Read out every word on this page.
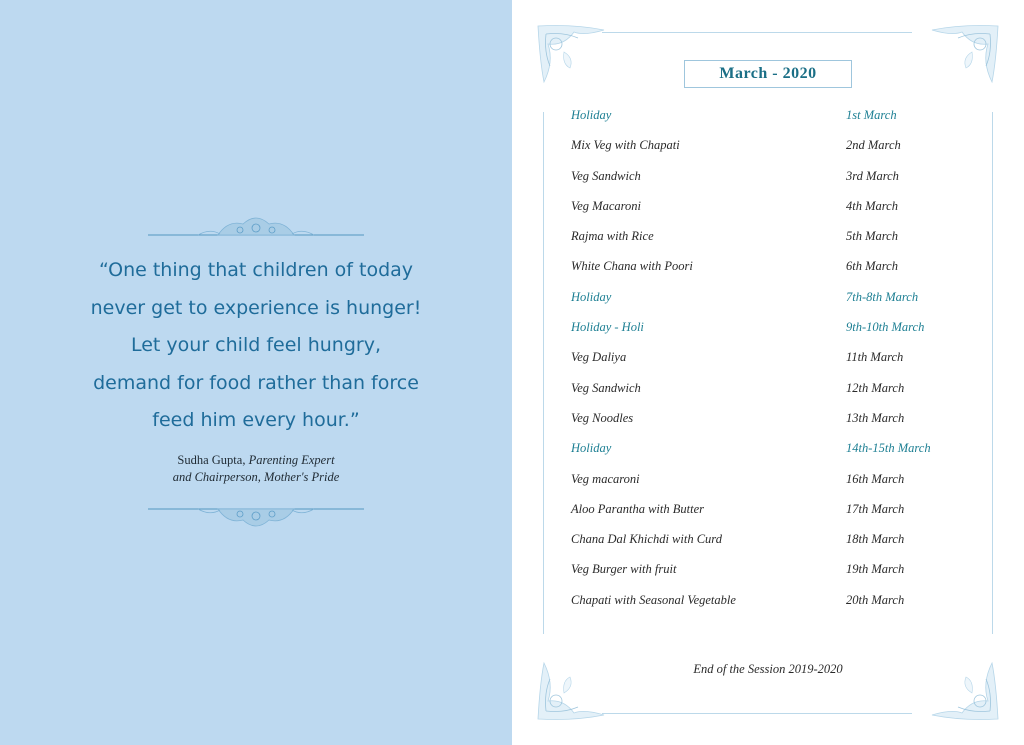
“One thing that children of today
never get to experience is hunger!
Let your child feel hungry,
demand for food rather than force
feed him every hour.”
Sudha Gupta, Parenting Expert
and Chairperson, Mother's Pride
March - 2020
Holiday	1st March
Mix Veg with Chapati	2nd March
Veg Sandwich	3rd March
Veg Macaroni	4th March
Rajma with Rice	5th March
White Chana with Poori	6th March
Holiday	7th-8th March
Holiday - Holi	9th-10th March
Veg Daliya	11th March
Veg Sandwich	12th March
Veg Noodles	13th March
Holiday	14th-15th March
Veg macaroni	16th March
Aloo Parantha with Butter	17th March
Chana Dal Khichdi with Curd	18th March
Veg Burger with fruit	19th March
Chapati with Seasonal Vegetable	20th March
End of the Session 2019-2020
